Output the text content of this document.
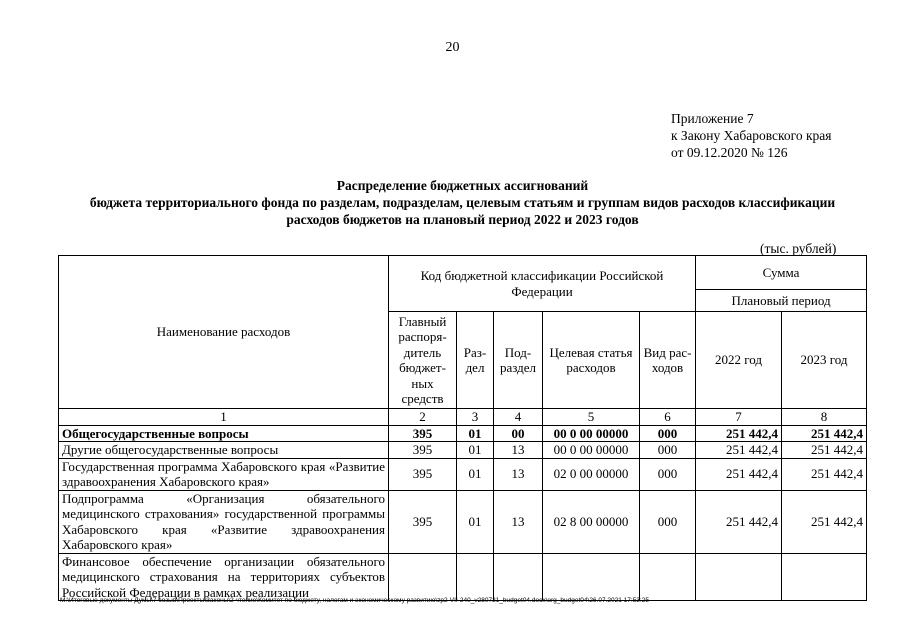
20
Приложение 7
к Закону Хабаровского края
от 09.12.2020 № 126
Распределение бюджетных ассигнований
бюджета территориального фонда по разделам, подразделам, целевым статьям и группам видов расходов классификации
расходов бюджетов на плановый период 2022 и 2023 годов
(тыс. рублей)
Наименование расходов	Код бюджетной классификации Российской Федерации					Сумма	
						Плановый период	
	Главный распоря-дитель бюджет-ных средств	Раз-дел	Под-раздел	Целевая статья расходов	Вид рас-ходов	2022 год	2023 год
1	2	3	4	5	6	7	8
Общегосударственные вопросы	395	01	00	00 0 00 00000	000	251 442,4	251 442,4
Другие общегосударственные вопросы	395	01	13	00 0 00 00000	000	251 442,4	251 442,4
Государственная программа Хабаровского края «Развитие здравоохранения Хабаровского края»	395	01	13	02 0 00 00000	000	251 442,4	251 442,4
Подпрограмма «Организация обязательного медицинского страхования» государственной программы Хабаровского края «Развитие здравоохранения Хабаровского края»	395	01	13	02 8 00 00000	000	251 442,4	251 442,4
Финансовое обеспечение организации обязательного медицинского страхования на территориях субъектов Российской Федерации в рамках реализации							
M:\Итоговые документы Думы\7 созыв\Проекты\Законы\2 чтение\Комитет по бюджету, налогам и экономическому развитию\zp2-VII-240_v280721_budget04.docx\org_budget04\26.07.2021 17:53:25
